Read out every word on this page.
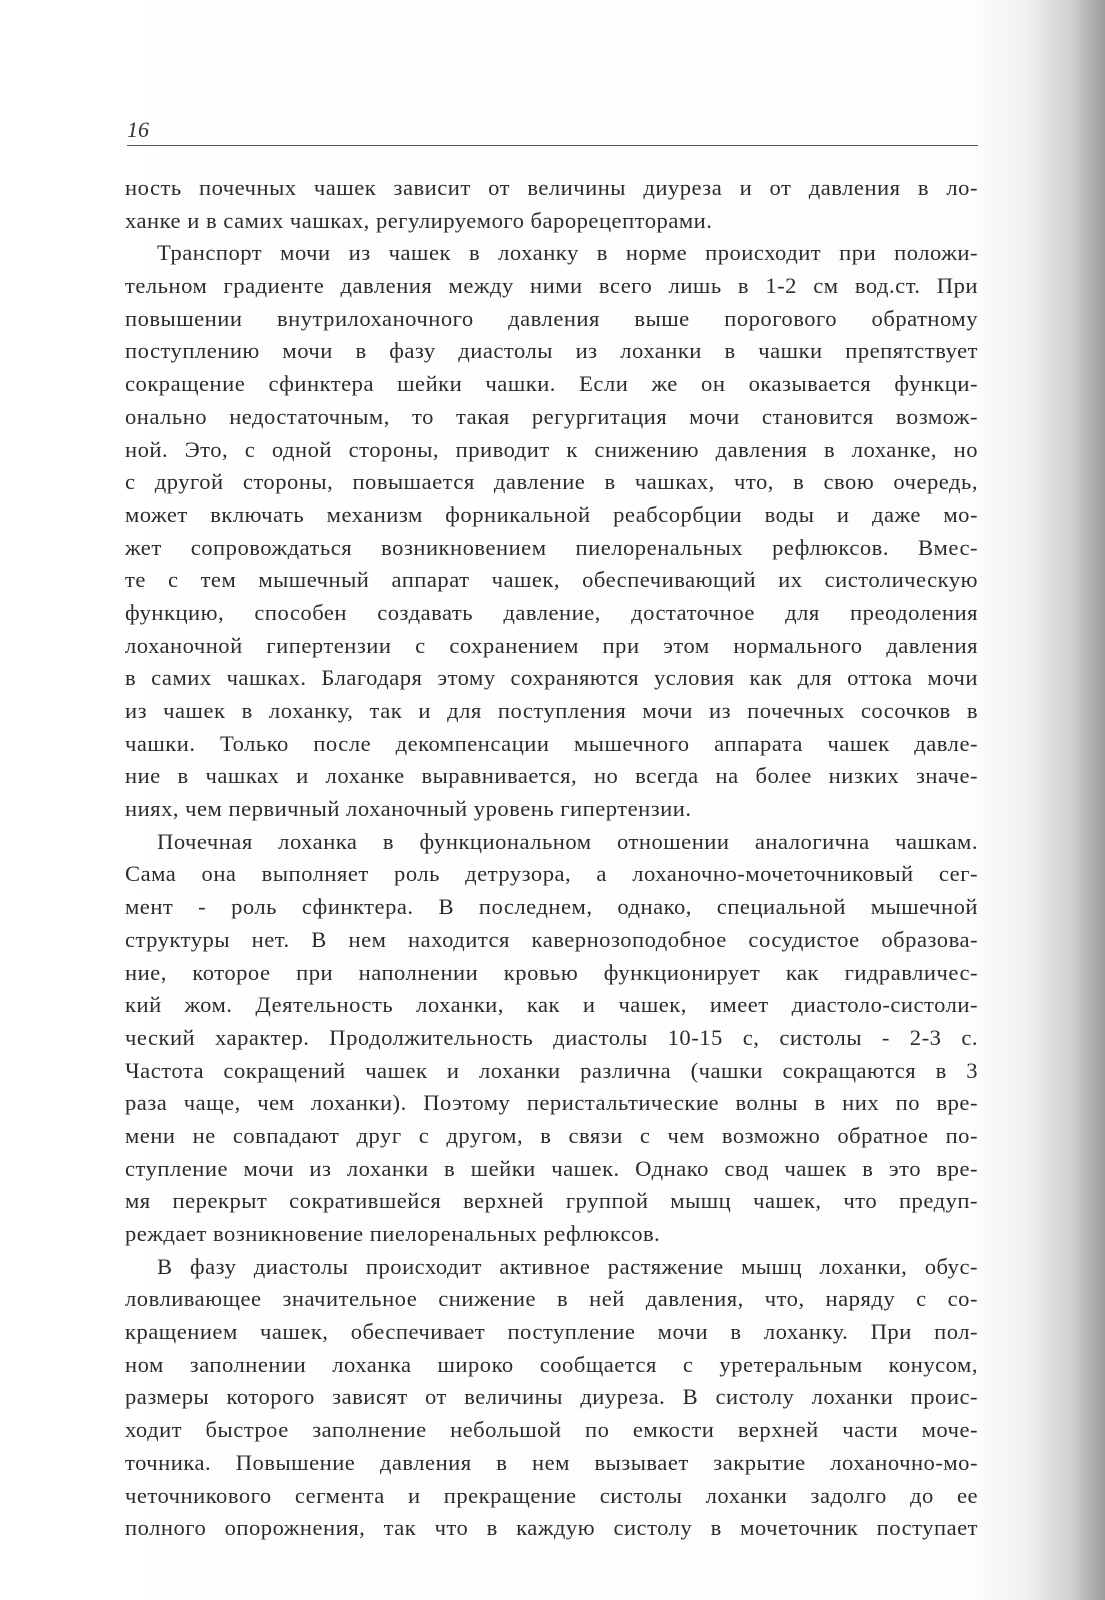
16
ность почечных чашек зависит от величины диуреза и от давления в ло-
ханке и в самих чашках, регулируемого барорецепторами.
Транспорт мочи из чашек в лоханку в норме происходит при положи-
тельном градиенте давления между ними всего лишь в 1-2 см вод.ст. При
повышении внутрилоханочного давления выше порогового обратному
поступлению мочи в фазу диастолы из лоханки в чашки препятствует
сокращение сфинктера шейки чашки. Если же он оказывается функци-
онально недостаточным, то такая регургитация мочи становится возмож-
ной. Это, с одной стороны, приводит к снижению давления в лоханке, но
с другой стороны, повышается давление в чашках, что, в свою очередь,
может включать механизм форникальной реабсорбции воды и даже мо-
жет сопровождаться возникновением пиелоренальных рефлюксов. Вмес-
те с тем мышечный аппарат чашек, обеспечивающий их систолическую
функцию, способен создавать давление, достаточное для преодоления
лоханочной гипертензии с сохранением при этом нормального давления
в самих чашках. Благодаря этому сохраняются условия как для оттока мочи
из чашек в лоханку, так и для поступления мочи из почечных сосочков в
чашки. Только после декомпенсации мышечного аппарата чашек давле-
ние в чашках и лоханке выравнивается, но всегда на более низких значе-
ниях, чем первичный лоханочный уровень гипертензии.
Почечная лоханка в функциональном отношении аналогична чашкам.
Сама она выполняет роль детрузора, а лоханочно-мочеточниковый сег-
мент - роль сфинктера. В последнем, однако, специальной мышечной
структуры нет. В нем находится кавернозоподобное сосудистое образова-
ние, которое при наполнении кровью функционирует как гидравличес-
кий жом. Деятельность лоханки, как и чашек, имеет диастоло-систоли-
ческий характер. Продолжительность диастолы 10-15 с, систолы - 2-3 с.
Частота сокращений чашек и лоханки различна (чашки сокращаются в 3
раза чаще, чем лоханки). Поэтому перистальтические волны в них по вре-
мени не совпадают друг с другом, в связи с чем возможно обратное по-
ступление мочи из лоханки в шейки чашек. Однако свод чашек в это вре-
мя перекрыт сократившейся верхней группой мышц чашек, что предуп-
реждает возникновение пиелоренальных рефлюксов.
В фазу диастолы происходит активное растяжение мышц лоханки, обус-
ловливающее значительное снижение в ней давления, что, наряду с со-
кращением чашек, обеспечивает поступление мочи в лоханку. При пол-
ном заполнении лоханка широко сообщается с уретеральным конусом,
размеры которого зависят от величины диуреза. В систолу лоханки проис-
ходит быстрое заполнение небольшой по емкости верхней части моче-
точника. Повышение давления в нем вызывает закрытие лоханочно-мо-
четочникового сегмента и прекращение систолы лоханки задолго до ее
полного опорожнения, так что в каждую систолу в мочеточник поступает
